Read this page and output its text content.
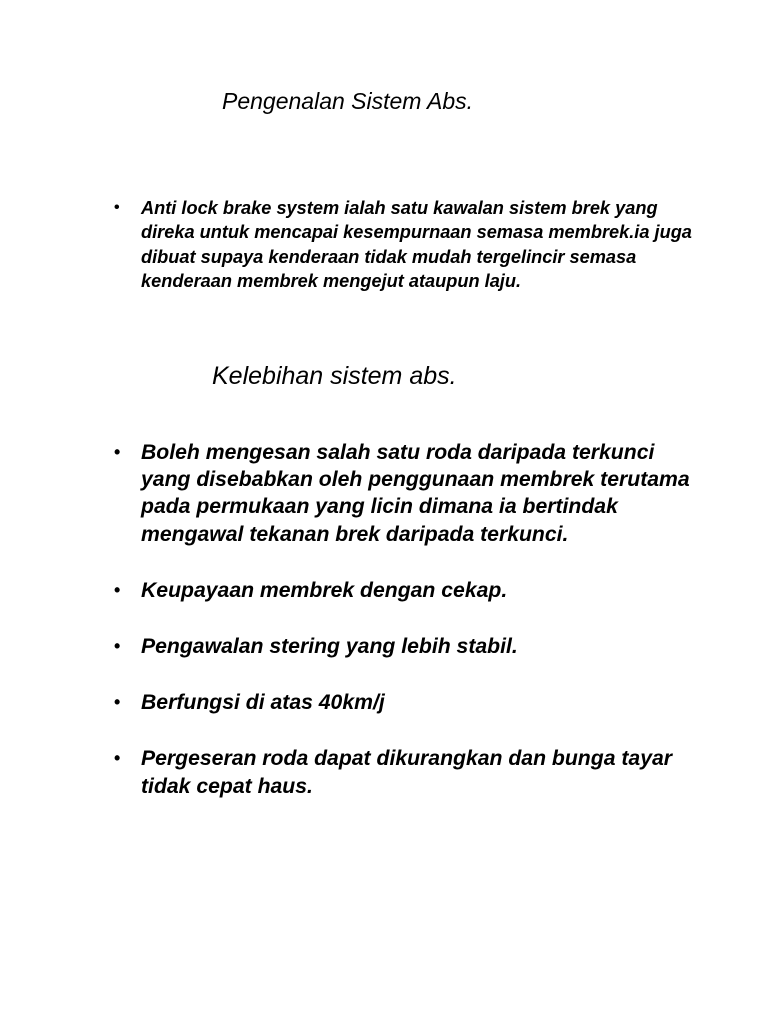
Pengenalan Sistem Abs.
• Anti lock brake system ialah satu kawalan sistem brek yang direka untuk mencapai kesempurnaan semasa membrek.ia juga dibuat supaya kenderaan tidak mudah tergelincir semasa kenderaan membrek mengejut ataupun laju.
Kelebihan sistem abs.
• Boleh mengesan salah satu roda daripada terkunci yang disebabkan oleh penggunaan membrek terutama pada permukaan yang licin dimana ia bertindak mengawal tekanan brek daripada terkunci.
• Keupayaan membrek dengan cekap.
• Pengawalan stering yang lebih stabil.
• Berfungsi di atas 40km/j
• Pergeseran roda dapat dikurangkan dan bunga tayar tidak cepat haus.
